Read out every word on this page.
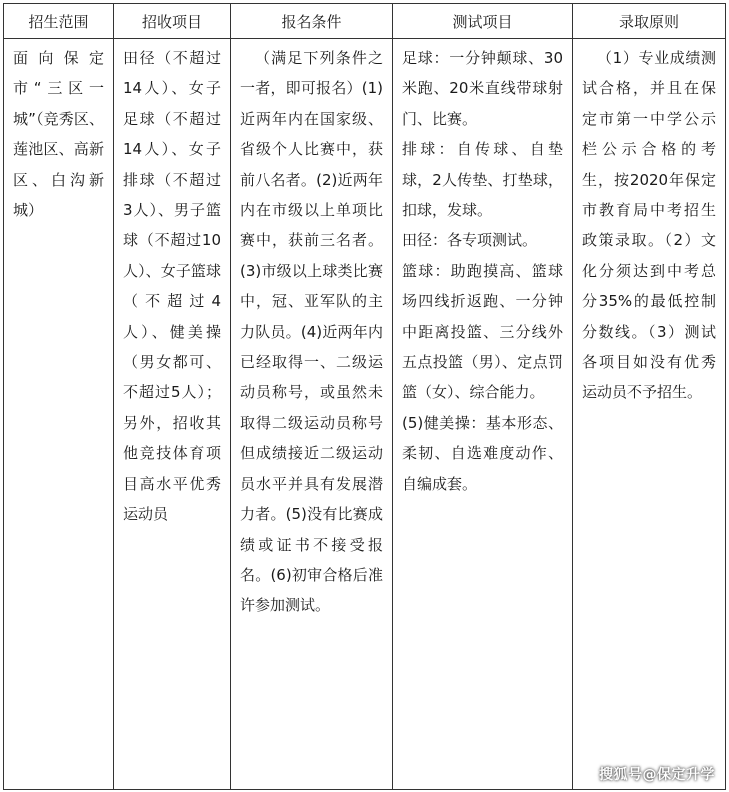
招生范围	招收项目	报名条件	测试项目	录取原则
面向保定市“三区一城”（竞秀区、莲池区、高新区、白沟新城）	田径（不超过14人）、女子足球（不超过14人）、女子排球（不超过3人）、男子篮球（不超过10人）、女子篮球（不超过4人）、健美操（男女都可、不超过5人）；另外，招收其他竞技体育项目高水平优秀运动员	（满足下列条件之一者，即可报名）(1)近两年内在国家级、省级个人比赛中，获前八名者。(2)近两年内在市级以上单项比赛中，获前三名者。(3)市级以上球类比赛中，冠、亚军队的主力队员。(4)近两年内已经取得一、二级运动员称号，或虽然未取得二级运动员称号但成绩接近二级运动员水平并具有发展潜力者。(5)没有比赛成绩或证书不接受报名。(6)初审合格后准许参加测试。	足球：一分钟颠球、30米跑、20米直线带球射门、比赛。
排球：自传球、自垫球，2人传垫、打垫球，扣球，发球。
田径：各专项测试。
篮球：助跑摸高、篮球场四线折返跑、一分钟中距离投篮、三分线外五点投篮（男）、定点罚篮（女）、综合能力。
(5)健美操：基本形态、柔韧、自选难度动作、自编成套。	（1）专业成绩测试合格，并且在保定市第一中学公示栏公示合格的考生，按2020年保定市教育局中考招生政策录取。（2）文化分须达到中考总分35%的最低控制分数线。（3）测试各项目如没有优秀运动员不予招生。
搜狐号@保定升学
